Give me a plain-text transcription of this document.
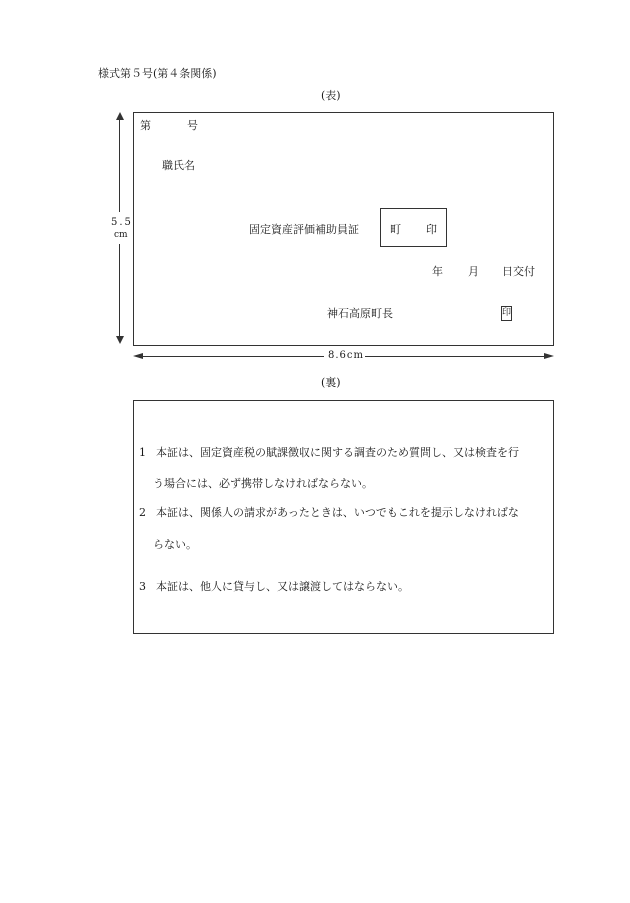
様式第５号(第４条関係)
(表)
5.5
cm
第	号
職氏名
固定資産評価補助員証	町 印
年 月 日交付
神石高原町長	印
8.6cm
(裏)
1 本証は、固定資産税の賦課徴収に関する調査のため質問し、又は検査を行
う場合には、必ず携帯しなければならない。
2 本証は、関係人の請求があったときは、いつでもこれを提示しなければな
らない。
3 本証は、他人に貸与し、又は譲渡してはならない。
